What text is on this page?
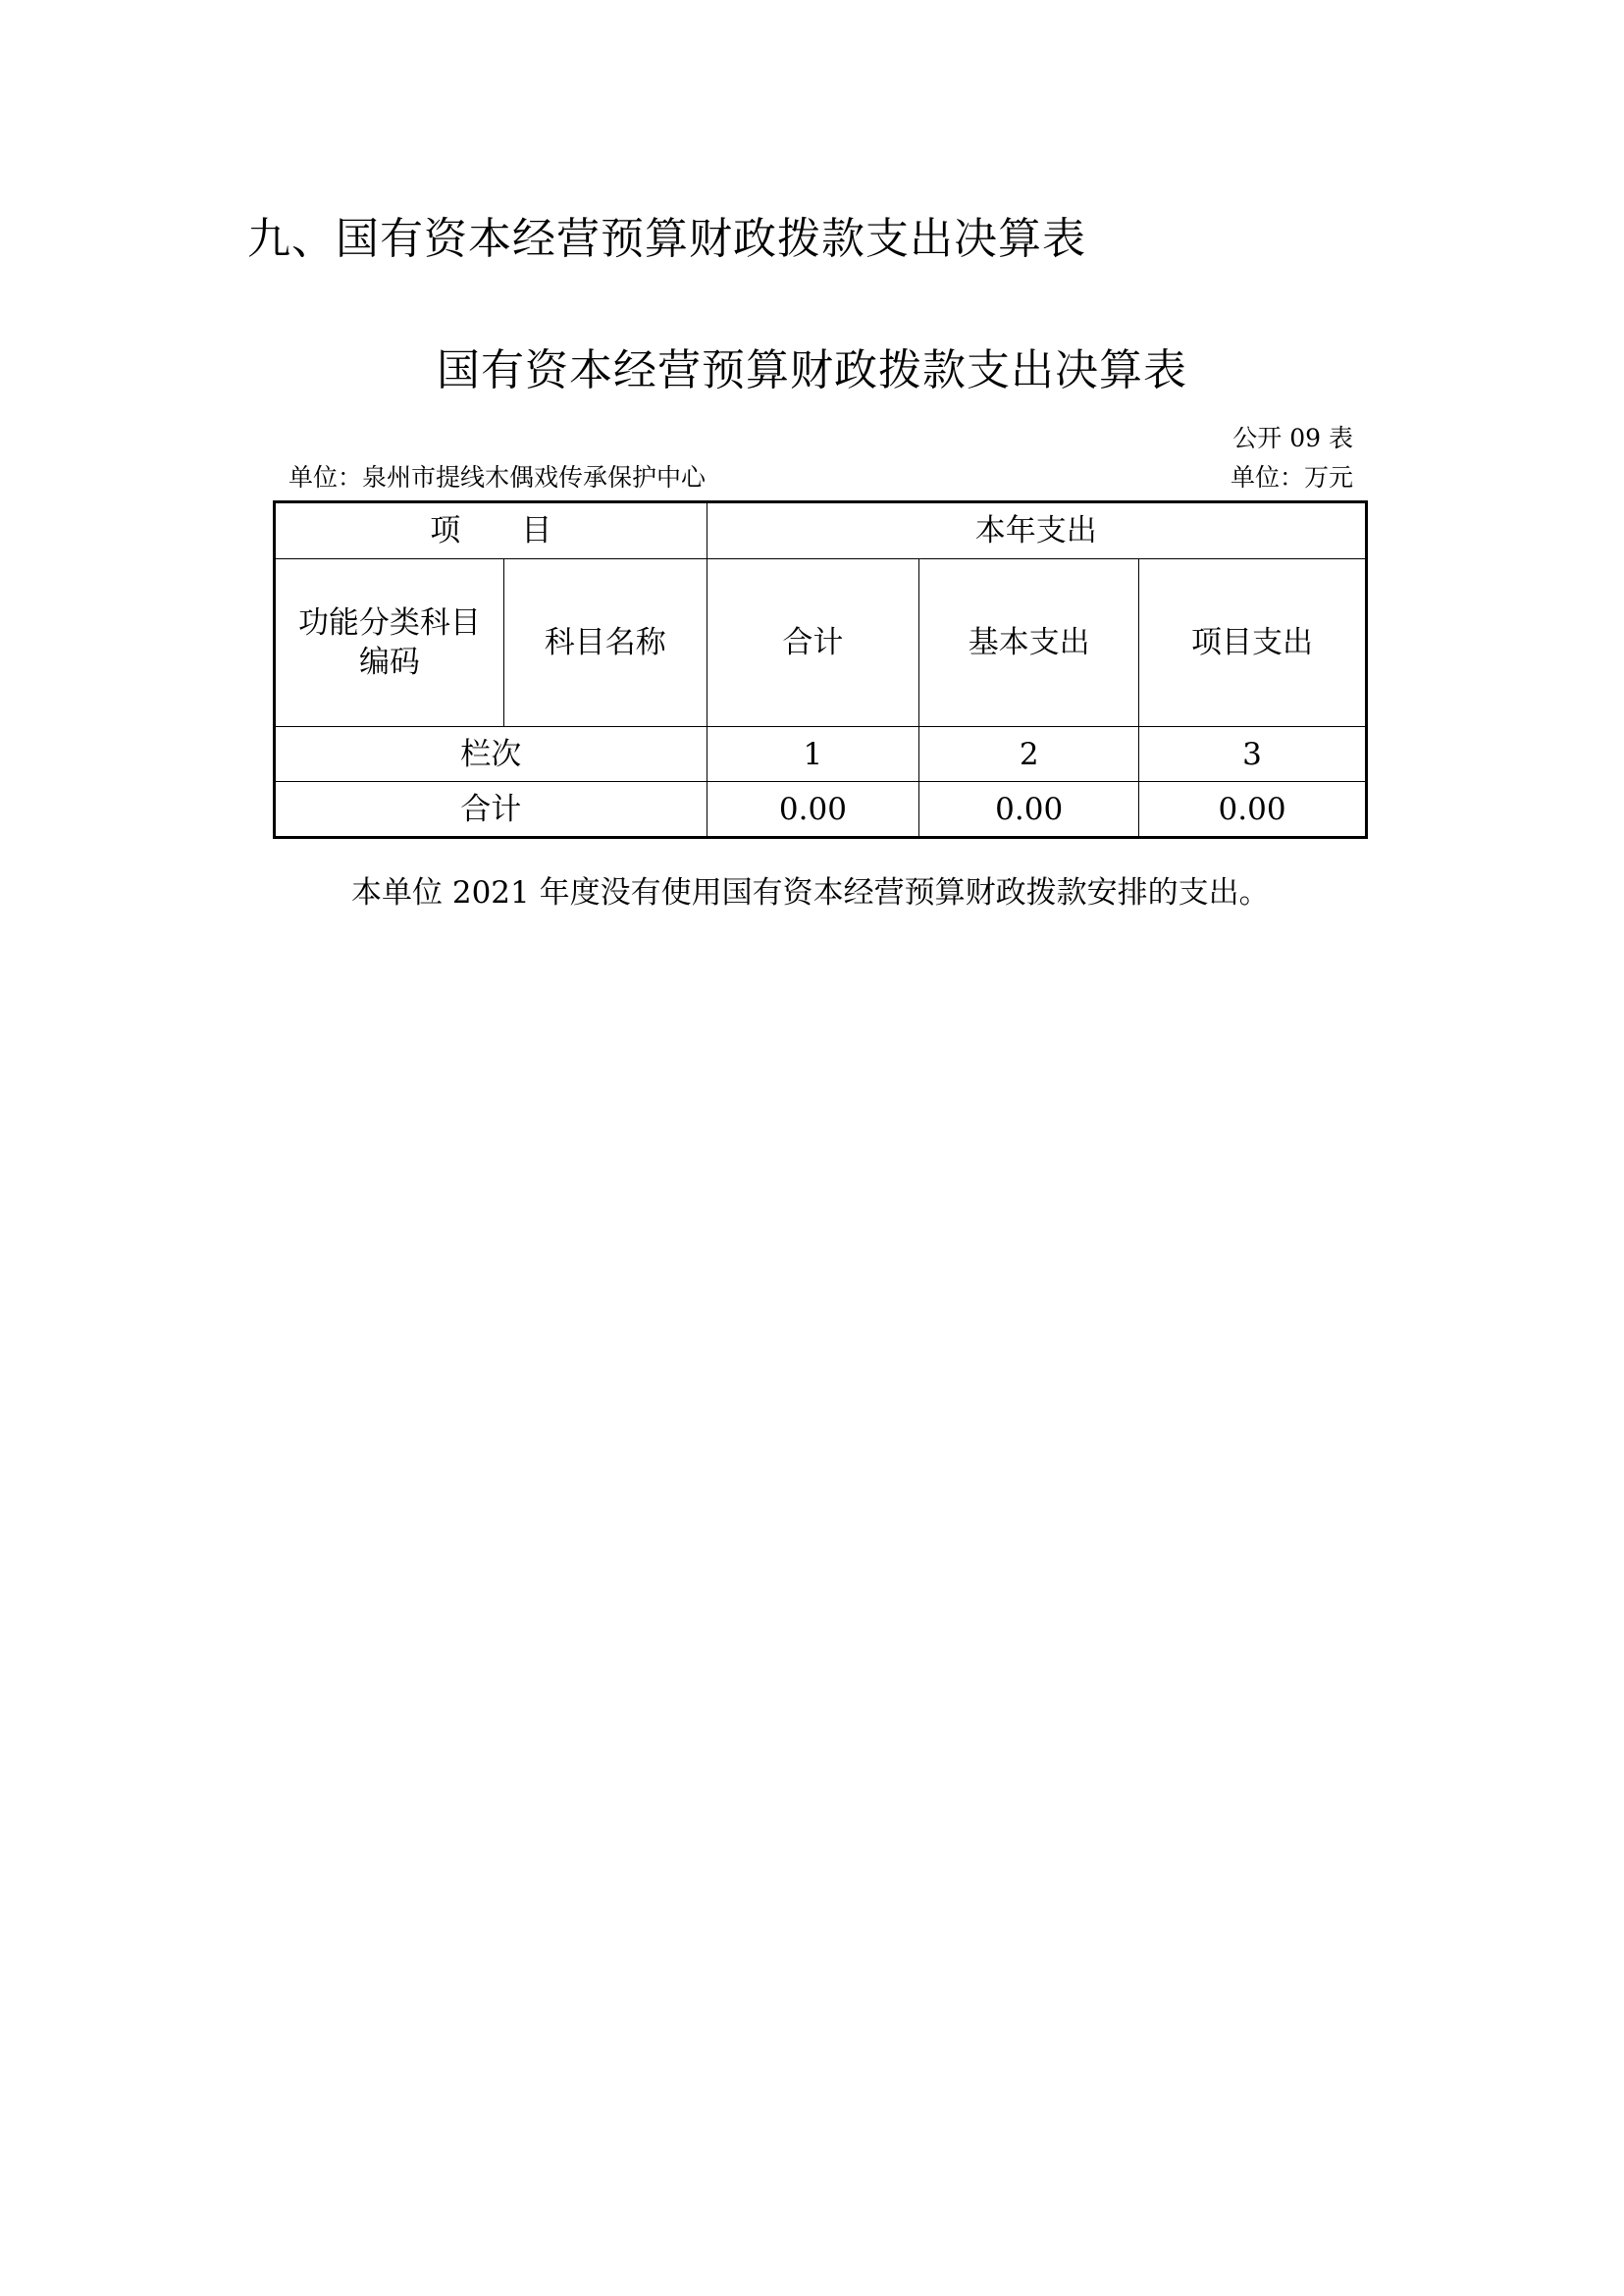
九、国有资本经营预算财政拨款支出决算表
国有资本经营预算财政拨款支出决算表
公开 09 表
单位：泉州市提线木偶戏传承保护中心	单位：万元
项　　目		本年支出		
功能分类科目编码	科目名称	合计	基本支出	项目支出
栏次		1	2	3
合计		0.00	0.00	0.00
本单位 2021 年度没有使用国有资本经营预算财政拨款安排的支出。
